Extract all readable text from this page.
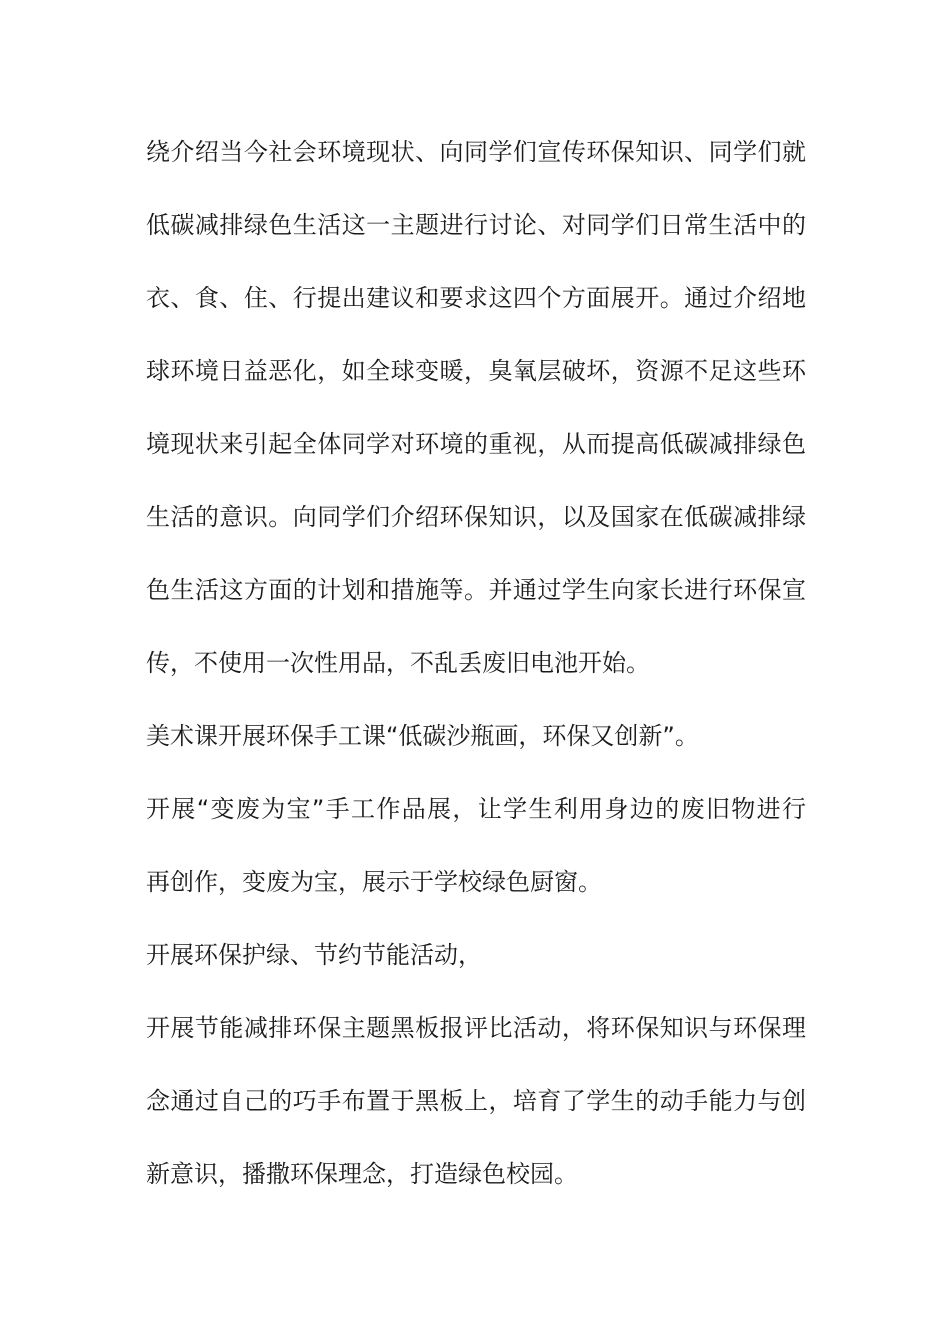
绕介绍当今社会环境现状、向同学们宣传环保知识、同学们就
低碳减排绿色生活这一主题进行讨论、对同学们日常生活中的
衣、食、住、行提出建议和要求这四个方面展开。通过介绍地
球环境日益恶化，如全球变暖，臭氧层破坏，资源不足这些环
境现状来引起全体同学对环境的重视，从而提高低碳减排绿色
生活的意识。向同学们介绍环保知识，以及国家在低碳减排绿
色生活这方面的计划和措施等。并通过学生向家长进行环保宣
传，不使用一次性用品，不乱丢废旧电池开始。
美术课开展环保手工课“低碳沙瓶画，环保又创新”。
开展“变废为宝”手工作品展，让学生利用身边的废旧物进行
再创作，变废为宝，展示于学校绿色厨窗。
开展环保护绿、节约节能活动，
开展节能减排环保主题黑板报评比活动，将环保知识与环保理
念通过自己的巧手布置于黑板上，培育了学生的动手能力与创
新意识，播撒环保理念，打造绿色校园。
